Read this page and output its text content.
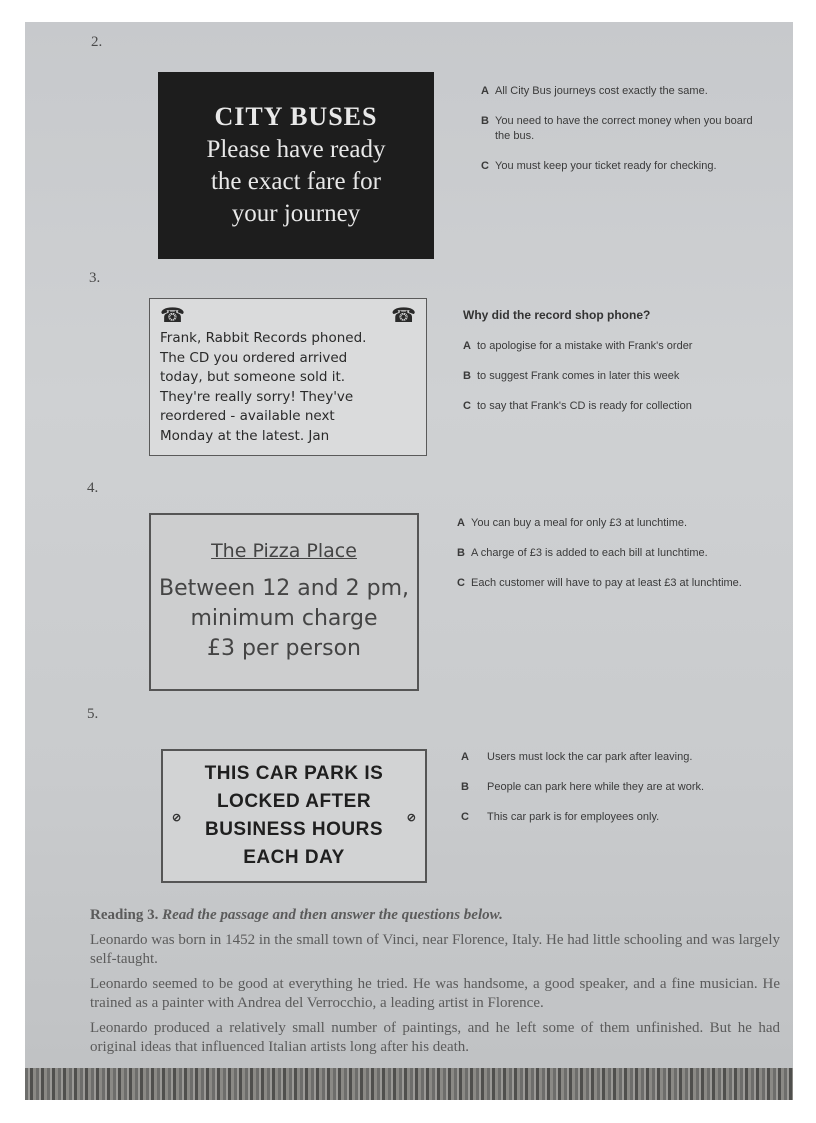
2.
CITY BUSES
Please have ready
the exact fare for
your journey
A All City Bus journeys cost exactly the same.
B You need to have the correct money when you board the bus.
C You must keep your ticket ready for checking.
3.
☎	☎
Frank, Rabbit Records phoned.
The CD you ordered arrived
today, but someone sold it.
They're really sorry! They've
reordered - available next
Monday at the latest. Jan
Why did the record shop phone?
A to apologise for a mistake with Frank's order
B to suggest Frank comes in later this week
C to say that Frank's CD is ready for collection
4.
The Pizza Place
Between 12 and 2 pm,
minimum charge
£3 per person
A You can buy a meal for only £3 at lunchtime.
B A charge of £3 is added to each bill at lunchtime.
C Each customer will have to pay at least £3 at lunchtime.
5.
⊘	⊘
THIS CAR PARK IS
LOCKED AFTER
BUSINESS HOURS
EACH DAY
A	Users must lock the car park after leaving.
B	People can park here while they are at work.
C	This car park is for employees only.
Reading 3. Read the passage and then answer the questions below.

Leonardo was born in 1452 in the small town of Vinci, near Florence, Italy. He had little schooling and was largely self-taught.

Leonardo seemed to be good at everything he tried. He was handsome, a good speaker, and a fine musician. He trained as a painter with Andrea del Verrocchio, a leading artist in Florence.

Leonardo produced a relatively small number of paintings, and he left some of them unfinished. But he had original ideas that influenced Italian artists long after his death.
